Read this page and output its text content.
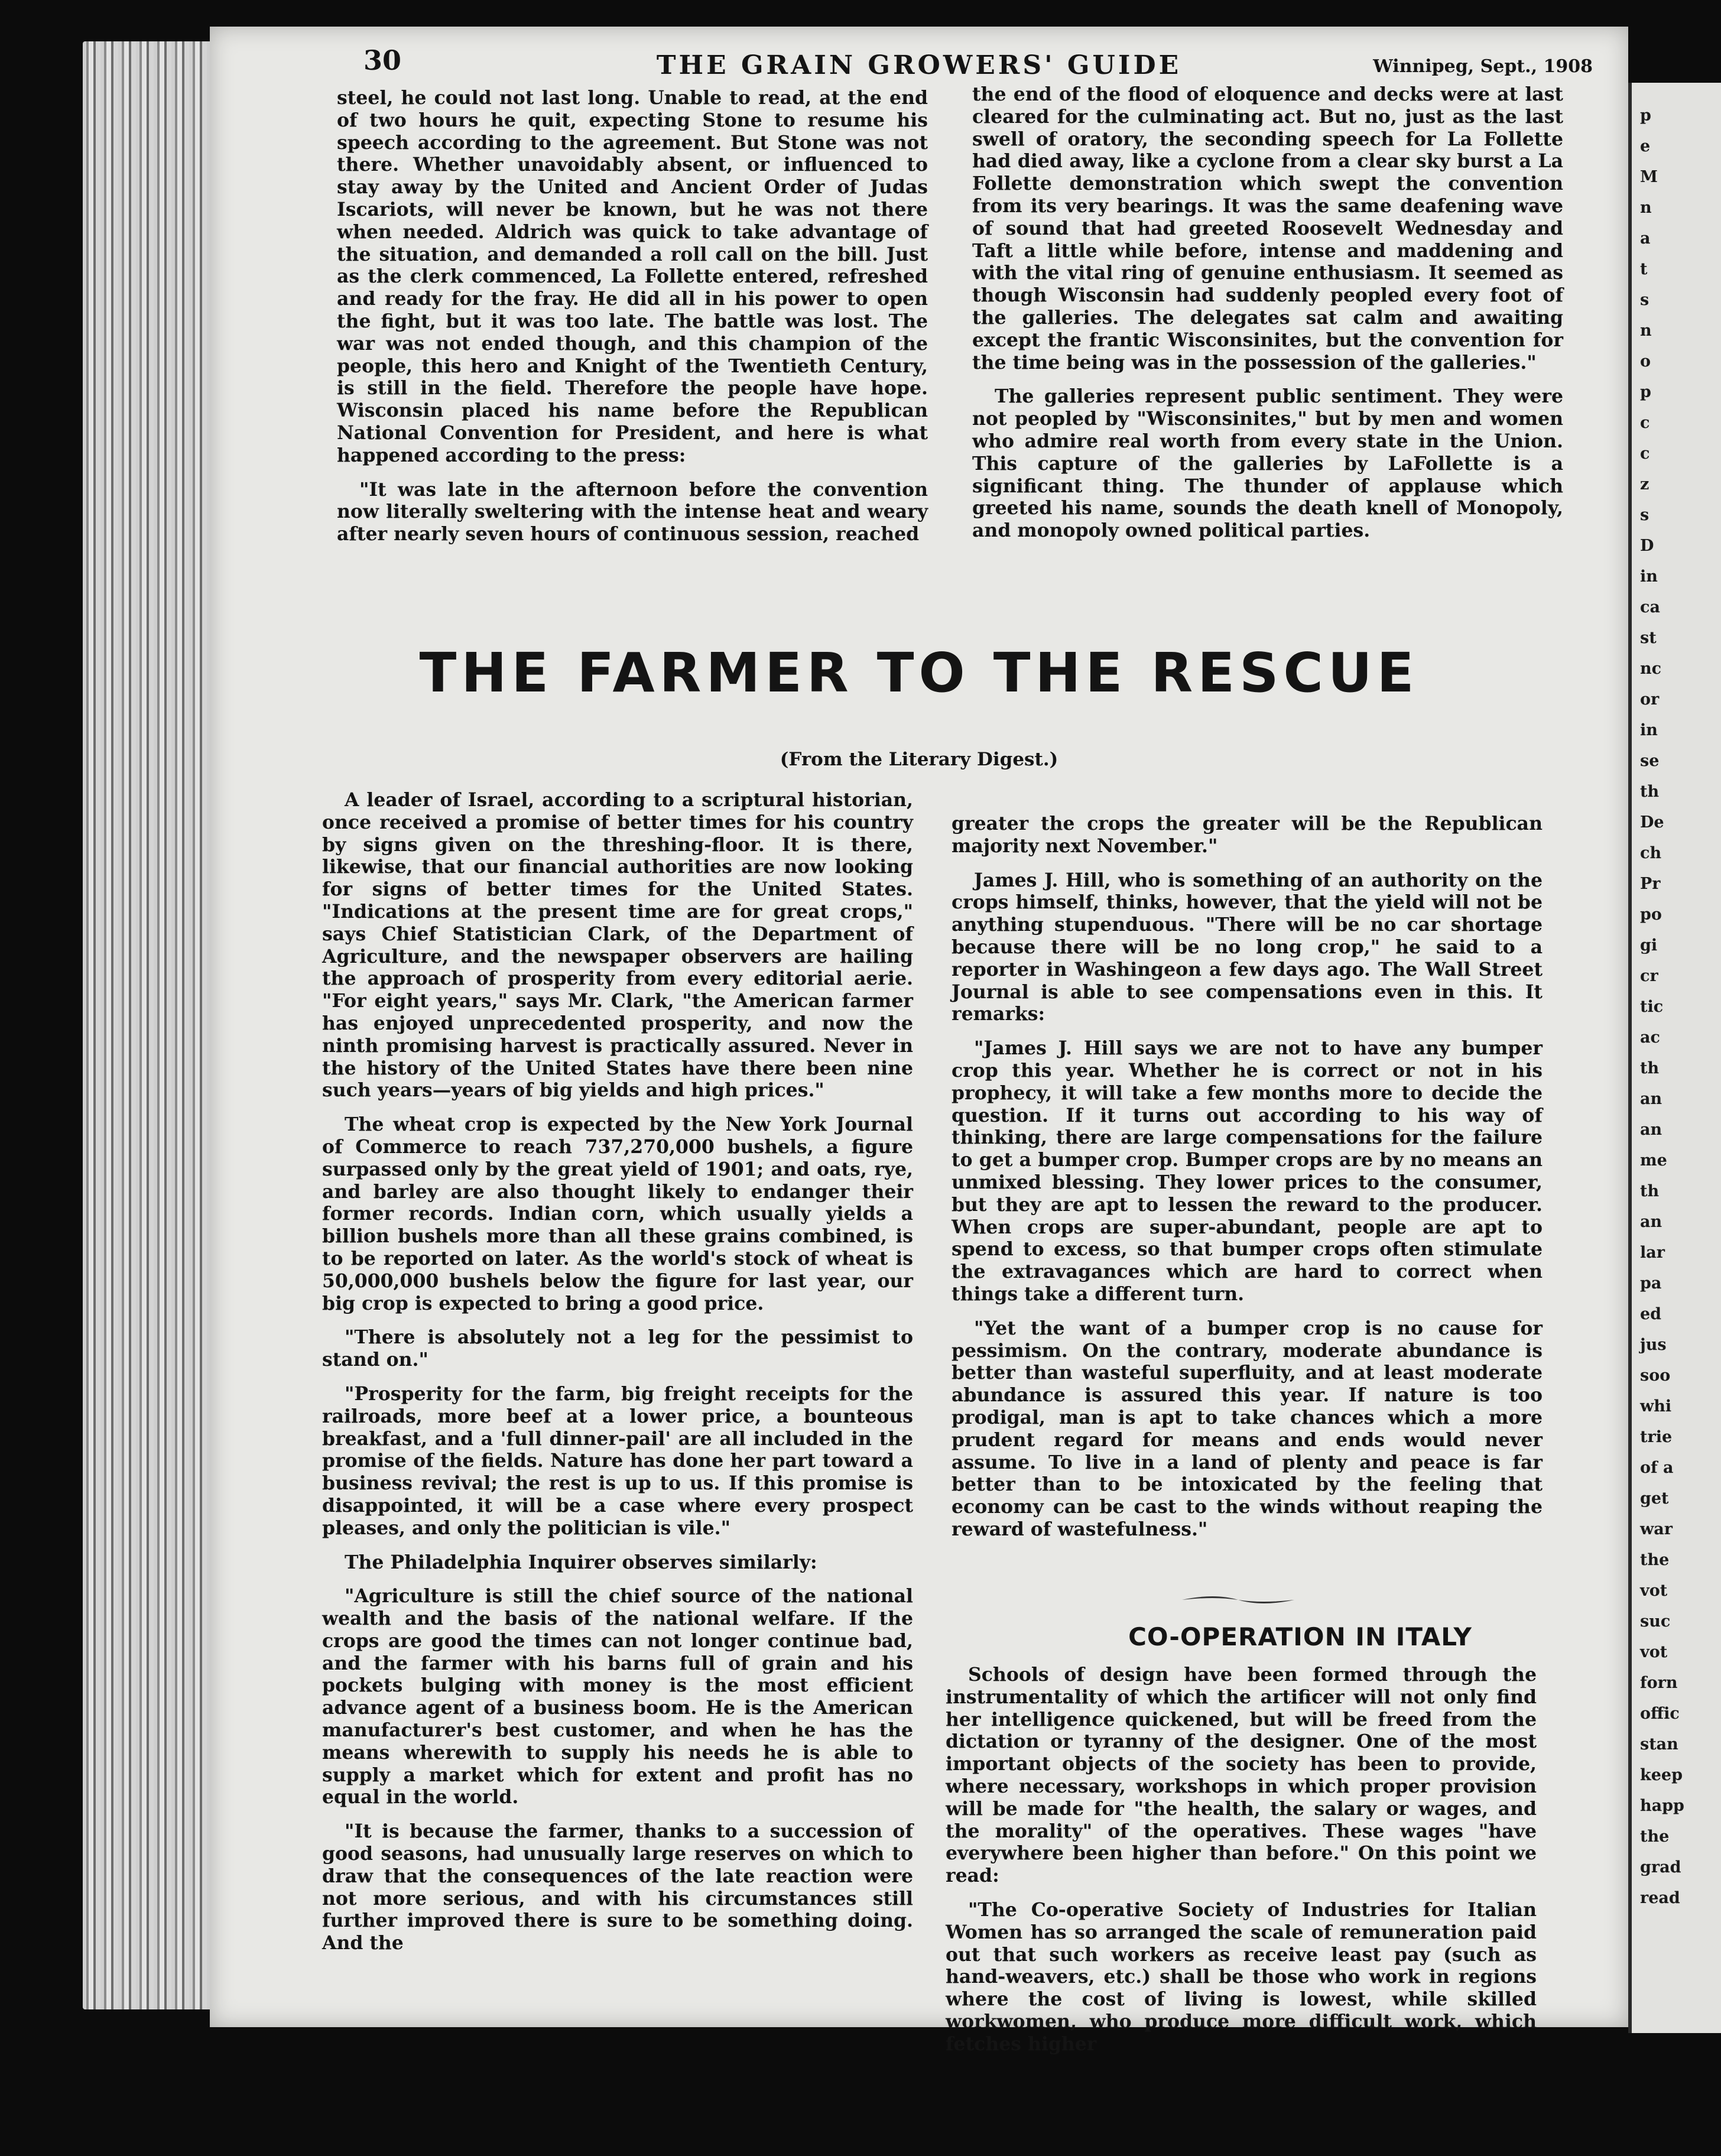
30	THE GRAIN GROWERS' GUIDE	Winnipeg, Sept., 1908

steel, he could not last long. Unable to read, at the end of two hours he quit, expecting Stone to resume his speech according to the agreement. But Stone was not there. Whether unavoidably absent, or influenced to stay away by the United and Ancient Order of Judas Iscariots, will never be known, but he was not there when needed. Aldrich was quick to take advantage of the situation, and demanded a roll call on the bill. Just as the clerk commenced, La Follette entered, refreshed and ready for the fray. He did all in his power to open the fight, but it was too late. The battle was lost. The war was not ended though, and this champion of the people, this hero and Knight of the Twentieth Century, is still in the field. Therefore the people have hope. Wisconsin placed his name before the Republican National Convention for President, and here is what happened according to the press:

"It was late in the afternoon before the convention now literally sweltering with the intense heat and weary after nearly seven hours of continuous session, reached

the end of the flood of eloquence and decks were at last cleared for the culminating act. But no, just as the last swell of oratory, the seconding speech for La Follette had died away, like a cyclone from a clear sky burst a La Follette demonstration which swept the convention from its very bearings. It was the same deafening wave of sound that had greeted Roosevelt Wednesday and Taft a little while before, intense and maddening and with the vital ring of genuine enthusiasm. It seemed as though Wisconsin had suddenly peopled every foot of the galleries. The delegates sat calm and awaiting except the frantic Wisconsinites, but the convention for the time being was in the possession of the galleries."

The galleries represent public sentiment. They were not peopled by "Wisconsinites," but by men and women who admire real worth from every state in the Union. This capture of the galleries by LaFollette is a significant thing. The thunder of applause which greeted his name, sounds the death knell of Monopoly, and monopoly owned political parties.

THE FARMER TO THE RESCUE
(From the Literary Digest.)

A leader of Israel, according to a scriptural historian, once received a promise of better times for his country by signs given on the threshing-floor. It is there, likewise, that our financial authorities are now looking for signs of better times for the United States. "Indications at the present time are for great crops," says Chief Statistician Clark, of the Department of Agriculture, and the newspaper observers are hailing the approach of prosperity from every editorial aerie. "For eight years," says Mr. Clark, "the American farmer has enjoyed unprecedented prosperity, and now the ninth promising harvest is practically assured. Never in the history of the United States have there been nine such years—years of big yields and high prices."

The wheat crop is expected by the New York Journal of Commerce to reach 737,270,000 bushels, a figure surpassed only by the great yield of 1901; and oats, rye, and barley are also thought likely to endanger their former records. Indian corn, which usually yields a billion bushels more than all these grains combined, is to be reported on later. As the world's stock of wheat is 50,000,000 bushels below the figure for last year, our big crop is expected to bring a good price.

"There is absolutely not a leg for the pessimist to stand on."

"Prosperity for the farm, big freight receipts for the railroads, more beef at a lower price, a bounteous breakfast, and a 'full dinner-pail' are all included in the promise of the fields. Nature has done her part toward a business revival; the rest is up to us. If this promise is disappointed, it will be a case where every prospect pleases, and only the politician is vile."

The Philadelphia Inquirer observes similarly:

"Agriculture is still the chief source of the national wealth and the basis of the national welfare. If the crops are good the times can not longer continue bad, and the farmer with his barns full of grain and his pockets bulging with money is the most efficient advance agent of a business boom. He is the American manufacturer's best customer, and when he has the means wherewith to supply his needs he is able to supply a market which for extent and profit has no equal in the world.

"It is because the farmer, thanks to a succession of good seasons, had unusually large reserves on which to draw that the consequences of the late reaction were not more serious, and with his circumstances still further improved there is sure to be something doing. And the

greater the crops the greater will be the Republican majority next November."

James J. Hill, who is something of an authority on the crops himself, thinks, however, that the yield will not be anything stupenduous. "There will be no car shortage because there will be no long crop," he said to a reporter in Washingeon a few days ago. The Wall Street Journal is able to see compensations even in this. It remarks:

"James J. Hill says we are not to have any bumper crop this year. Whether he is correct or not in his prophecy, it will take a few months more to decide the question. If it turns out according to his way of thinking, there are large compensations for the failure to get a bumper crop. Bumper crops are by no means an unmixed blessing. They lower prices to the consumer, but they are apt to lessen the reward to the producer. When crops are super-abundant, people are apt to spend to excess, so that bumper crops often stimulate the extravagances which are hard to correct when things take a different turn.

"Yet the want of a bumper crop is no cause for pessimism. On the contrary, moderate abundance is better than wasteful superfluity, and at least moderate abundance is assured this year. If nature is too prodigal, man is apt to take chances which a more prudent regard for means and ends would never assume. To live in a land of plenty and peace is far better than to be intoxicated by the feeling that economy can be cast to the winds without reaping the reward of wastefulness."

CO-OPERATION IN ITALY

Schools of design have been formed through the instrumentality of which the artificer will not only find her intelligence quickened, but will be freed from the dictation or tyranny of the designer. One of the most important objects of the society has been to provide, where necessary, workshops in which proper provision will be made for "the health, the salary or wages, and the morality" of the operatives. These wages "have everywhere been higher than before." On this point we read:

"The Co-operative Society of Industries for Italian Women has so arranged the scale of remuneration paid out that such workers as receive least pay (such as hand-weavers, etc.) shall be those who work in regions where the cost of living is lowest, while skilled workwomen, who produce more difficult work, which fetches higher

p
e
M
n
a
t
s
n
o
p
c
c
z
s
D
in
ca
st
nc
or
in
se
th
De
ch
Pr
po
gi
cr
tic
ac
th
an
an
me
th
an
lar
pa
ed
jus
soo
whi
trie
of a
get
war
the
vot
suc
vot
forn
offic
stan
keep
happ
the
grad
read
